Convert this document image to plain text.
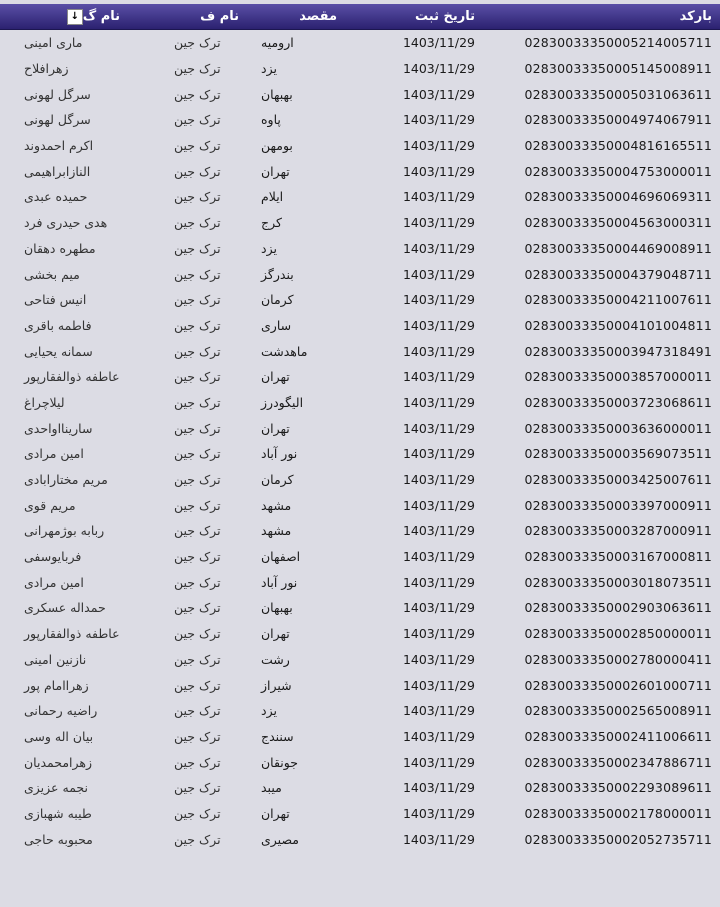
بارکد
تاریخ ثبت
مقصد
نام ف
نام گ
↓
02830033350005214005711
1403/11/29
ارومیه
ترک جین
ماری امینی
02830033350005145008911
1403/11/29
یزد
ترک جین
زهرافلاح
02830033350005031063611
1403/11/29
بهبهان
ترک جین
سرگل لهونی
02830033350004974067911
1403/11/29
پاوه
ترک جین
سرگل لهونی
02830033350004816165511
1403/11/29
بومهن
ترک جین
اکرم احمدوند
02830033350004753000011
1403/11/29
تهران
ترک جین
النازابراهیمی
02830033350004696069311
1403/11/29
ایلام
ترک جین
حمیده عبدی
02830033350004563000311
1403/11/29
کرج
ترک جین
هدی حیدری فرد
02830033350004469008911
1403/11/29
یزد
ترک جین
مطهره دهقان
02830033350004379048711
1403/11/29
بندرگز
ترک جین
میم بخشی
02830033350004211007611
1403/11/29
کرمان
ترک جین
انیس فتاحی
02830033350004101004811
1403/11/29
ساری
ترک جین
فاطمه باقری
02830033350003947318491
1403/11/29
ماهدشت
ترک جین
سمانه یحیایی
02830033350003857000011
1403/11/29
تهران
ترک جین
عاطفه ذوالفقارپور
02830033350003723068611
1403/11/29
الیگودرز
ترک جین
لیلاچراغ
02830033350003636000011
1403/11/29
تهران
ترک جین
سارینااواحدی
02830033350003569073511
1403/11/29
نور آباد
ترک جین
امین مرادی
02830033350003425007611
1403/11/29
کرمان
ترک جین
مریم مختارابادی
02830033350003397000911
1403/11/29
مشهد
ترک جین
مریم قوی
02830033350003287000911
1403/11/29
مشهد
ترک جین
ربابه بوژمهرانی
02830033350003167000811
1403/11/29
اصفهان
ترک جین
فربایوسفی
02830033350003018073511
1403/11/29
نور آباد
ترک جین
امین مرادی
02830033350002903063611
1403/11/29
بهبهان
ترک جین
حمداله عسکری
02830033350002850000011
1403/11/29
تهران
ترک جین
عاطفه ذوالفقارپور
02830033350002780000411
1403/11/29
رشت
ترک جین
نازنین امینی
02830033350002601000711
1403/11/29
شیراز
ترک جین
زهراامام پور
02830033350002565008911
1403/11/29
یزد
ترک جین
راضیه رحمانی
02830033350002411006611
1403/11/29
سنندج
ترک جین
بیان اله وسی
02830033350002347886711
1403/11/29
جونقان
ترک جین
زهرامحمدیان
02830033350002293089611
1403/11/29
میبد
ترک جین
نجمه عزیزی
02830033350002178000011
1403/11/29
تهران
ترک جین
طیبه شهبازی
02830033350002052735711
1403/11/29
مصیری
ترک جین
محبوبه حاجی
